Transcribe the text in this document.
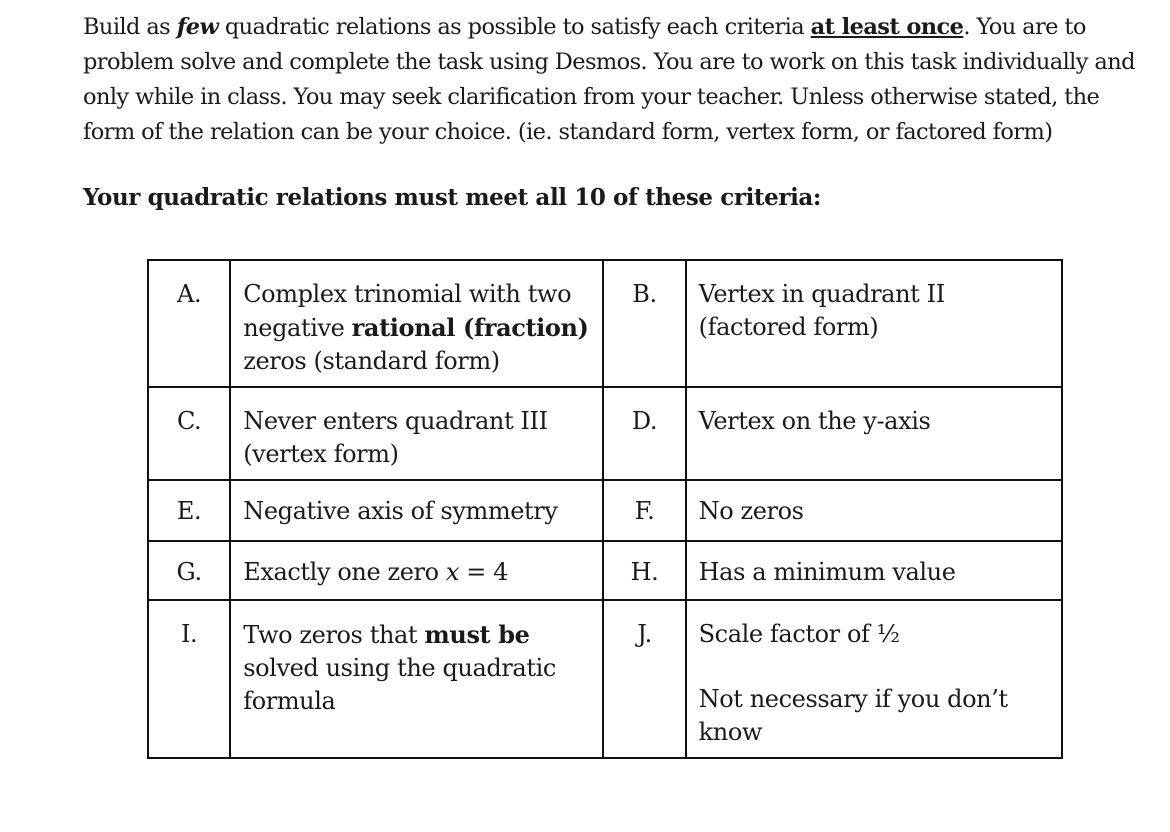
Build as few quadratic relations as possible to satisfy each criteria at least once. You are to problem solve and complete the task using Desmos. You are to work on this task individually and only while in class. You may seek clarification from your teacher. Unless otherwise stated, the form of the relation can be your choice. (ie. standard form, vertex form, or factored form)

Your quadratic relations must meet all 10 of these criteria:

A.	Complex trinomial with two negative rational (fraction) zeros (standard form)	B.	Vertex in quadrant II
(factored form)
C.	Never enters quadrant III
(vertex form)	D.	Vertex on the y-axis
E.	Negative axis of symmetry	F.	No zeros
G.	Exactly one zero x = 4	H.	Has a minimum value
I.	Two zeros that must be solved using the quadratic formula	J.	Scale factor of ½
Not necessary if you don’t know
